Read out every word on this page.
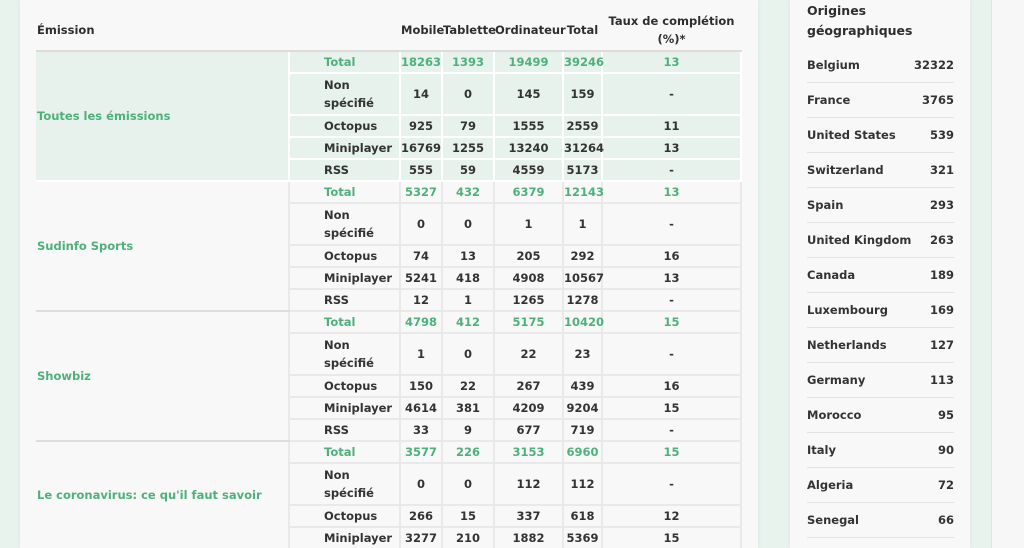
Émission		Mobile	Tablette	Ordinateur	Total	Taux de complétion (%)*
Toutes les émissions	Total	18263	1393	19499	39246	13
	Non spécifié	14	0	145	159	-
	Octopus	925	79	1555	2559	11
	Miniplayer	16769	1255	13240	31264	13
	RSS	555	59	4559	5173	-
Sudinfo Sports	Total	5327	432	6379	12143	13
	Non spécifié	0	0	1	1	-
	Octopus	74	13	205	292	16
	Miniplayer	5241	418	4908	10567	13
	RSS	12	1	1265	1278	-
Showbiz	Total	4798	412	5175	10420	15
	Non spécifié	1	0	22	23	-
	Octopus	150	22	267	439	16
	Miniplayer	4614	381	4209	9204	15
	RSS	33	9	677	719	-
Le coronavirus: ce qu'il faut savoir	Total	3577	226	3153	6960	15
	Non spécifié	0	0	112	112	-
	Octopus	266	15	337	618	12
	Miniplayer	3277	210	1882	5369	15
Origines géographiques
Belgium	32322
France	3765
United States	539
Switzerland	321
Spain	293
United Kingdom 263
Canada	189
Luxembourg	169
Netherlands	127
Germany	113
Morocco	95
Italy	90
Algeria	72
Senegal	66
